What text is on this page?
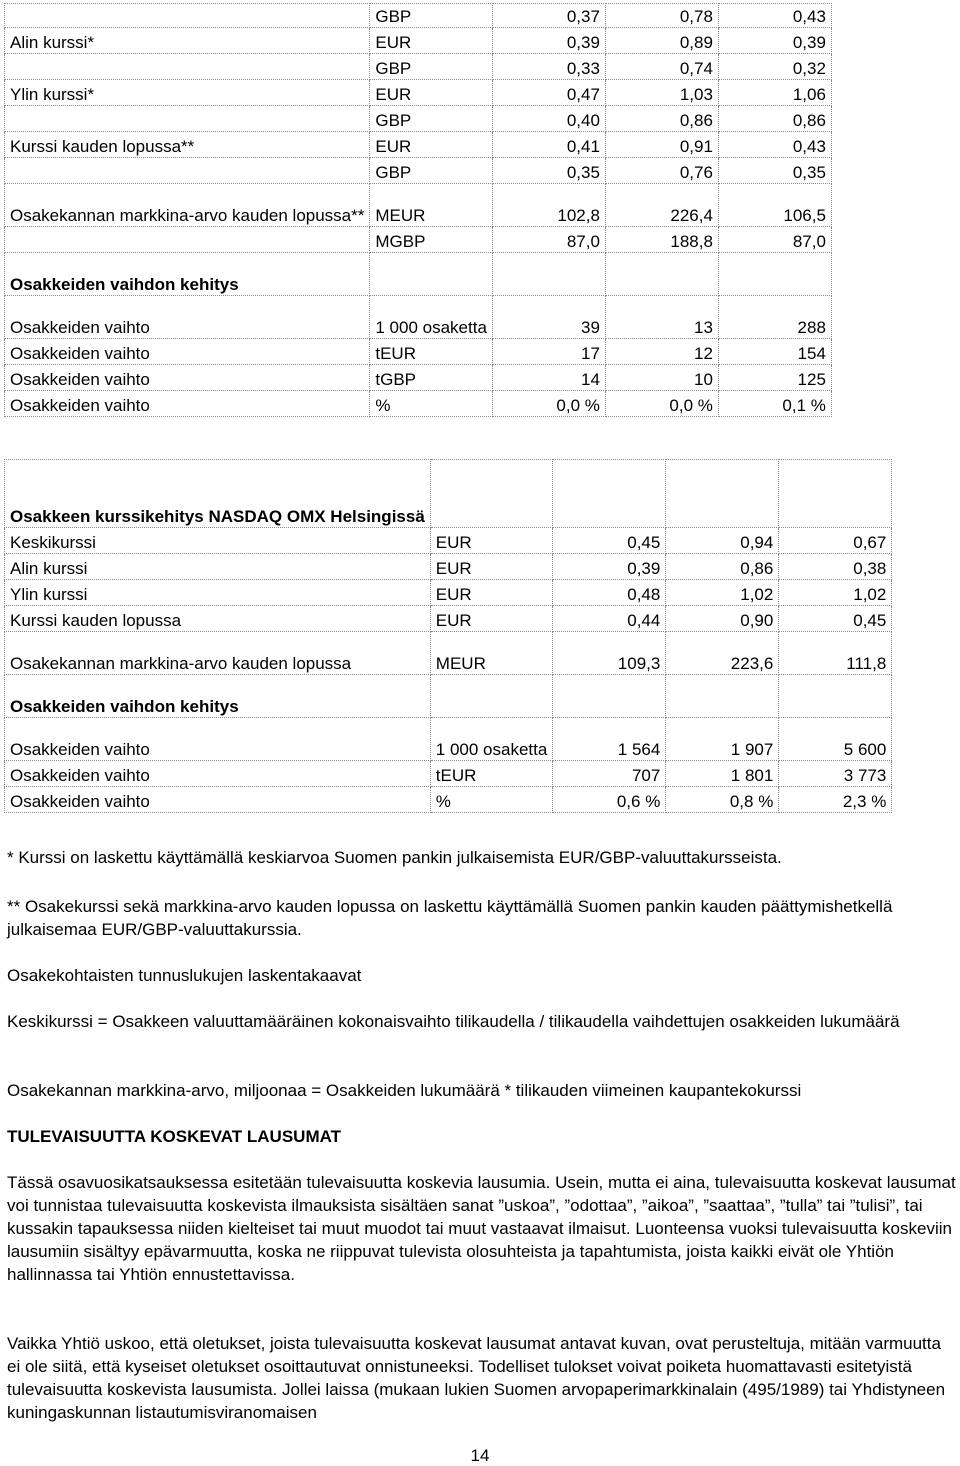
	GBP	0,37	0,78	0,43
Alin kurssi*	EUR	0,39	0,89	0,39
	GBP	0,33	0,74	0,32
Ylin kurssi*	EUR	0,47	1,03	1,06
	GBP	0,40	0,86	0,86
Kurssi kauden lopussa**	EUR	0,41	0,91	0,43
	GBP	0,35	0,76	0,35
Osakekannan markkina-arvo kauden lopussa**	MEUR	102,8	226,4	106,5
	MGBP	87,0	188,8	87,0
Osakkeiden vaihdon kehitys				
Osakkeiden vaihto	1 000 osaketta	39	13	288
Osakkeiden vaihto	tEUR	17	12	154
Osakkeiden vaihto	tGBP	14	10	125
Osakkeiden vaihto	%	0,0 %	0,0 %	0,1 %
Osakkeen kurssikehitys NASDAQ OMX Helsingissä				
Keskikurssi	EUR	0,45	0,94	0,67
Alin kurssi	EUR	0,39	0,86	0,38
Ylin kurssi	EUR	0,48	1,02	1,02
Kurssi kauden lopussa	EUR	0,44	0,90	0,45
Osakekannan markkina-arvo kauden lopussa	MEUR	109,3	223,6	111,8
Osakkeiden vaihdon kehitys				
Osakkeiden vaihto	1 000 osaketta	1 564	1 907	5 600
Osakkeiden vaihto	tEUR	707	1 801	3 773
Osakkeiden vaihto	%	0,6 %	0,8 %	2,3 %

* Kurssi on laskettu käyttämällä keskiarvoa Suomen pankin julkaisemista EUR/GBP-valuuttakursseista.

** Osakekurssi sekä markkina-arvo kauden lopussa on laskettu käyttämällä Suomen pankin kauden päättymishetkellä julkaisemaa EUR/GBP-valuuttakurssia.

Osakekohtaisten tunnuslukujen laskentakaavat

Keskikurssi = Osakkeen valuuttamääräinen kokonaisvaihto tilikaudella / tilikaudella vaihdettujen osakkeiden lukumäärä

Osakekannan markkina-arvo, miljoonaa = Osakkeiden lukumäärä * tilikauden viimeinen kaupantekokurssi

TULEVAISUUTTA KOSKEVAT LAUSUMAT

Tässä osavuosikatsauksessa esitetään tulevaisuutta koskevia lausumia. Usein, mutta ei aina, tulevaisuutta koskevat lausumat voi tunnistaa tulevaisuutta koskevista ilmauksista sisältäen sanat ”uskoa”, ”odottaa”, ”aikoa”, ”saattaa”, ”tulla” tai ”tulisi”, tai kussakin tapauksessa niiden kielteiset tai muut muodot tai muut vastaavat ilmaisut. Luonteensa vuoksi tulevaisuutta koskeviin lausumiin sisältyy epävarmuutta, koska ne riippuvat tulevista olosuhteista ja tapahtumista, joista kaikki eivät ole Yhtiön hallinnassa tai Yhtiön ennustettavissa.

Vaikka Yhtiö uskoo, että oletukset, joista tulevaisuutta koskevat lausumat antavat kuvan, ovat perusteltuja, mitään varmuutta ei ole siitä, että kyseiset oletukset osoittautuvat onnistuneeksi. Todelliset tulokset voivat poiketa huomattavasti esitetyistä tulevaisuutta koskevista lausumista. Jollei laissa (mukaan lukien Suomen arvopaperimarkkinalain (495/1989) tai Yhdistyneen kuningaskunnan listautumisviranomaisen

14
